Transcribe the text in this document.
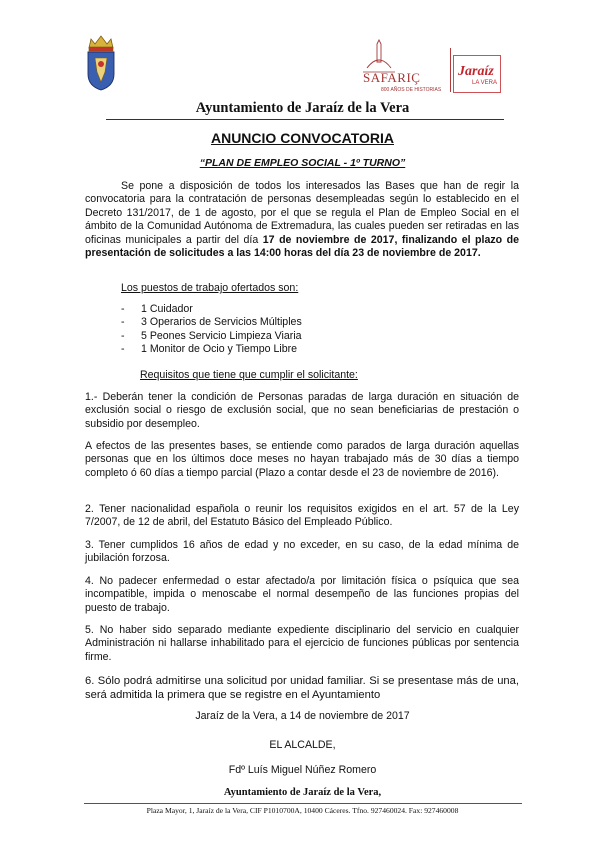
SAFARIÇ
800 AÑOS DE HISTORIAS
Jaraíz
LA VERA
Ayuntamiento de Jaraíz de la Vera
ANUNCIO CONVOCATORIA
“PLAN DE EMPLEO SOCIAL - 1º TURNO”
Se pone a disposición de todos los interesados las Bases que han de regir la convocatoria para la contratación de personas desempleadas según lo establecido en el Decreto 131/2017, de 1 de agosto, por el que se regula el Plan de Empleo Social en el ámbito de la Comunidad Autónoma de Extremadura, las cuales pueden ser retiradas en las oficinas municipales a partir del día 17 de noviembre de 2017, finalizando el plazo de presentación de solicitudes a las 14:00 horas del día 23 de noviembre de 2017.
Los puestos de trabajo ofertados son:
- 1 Cuidador
- 3 Operarios de Servicios Múltiples
- 5 Peones Servicio Limpieza Viaria
- 1 Monitor de Ocio y Tiempo Libre
Requisitos que tiene que cumplir el solicitante:
1.- Deberán tener la condición de Personas paradas de larga duración en situación de exclusión social o riesgo de exclusión social, que no sean beneficiarias de prestación o subsidio por desempleo.
A efectos de las presentes bases, se entiende como parados de larga duración aquellas personas que en los últimos doce meses no hayan trabajado más de 30 días a tiempo completo ó 60 días a tiempo parcial (Plazo a contar desde el 23 de noviembre de 2016).
2. Tener nacionalidad española o reunir los requisitos exigidos en el art. 57 de la Ley 7/2007, de 12 de abril, del Estatuto Básico del Empleado Público.
3. Tener cumplidos 16 años de edad y no exceder, en su caso, de la edad mínima de jubilación forzosa.
4. No padecer enfermedad o estar afectado/a por limitación física o psíquica que sea incompatible, impida o menoscabe el normal desempeño de las funciones propias del puesto de trabajo.
5. No haber sido separado mediante expediente disciplinario del servicio en cualquier Administración ni hallarse inhabilitado para el ejercicio de funciones públicas por sentencia firme.
6. Sólo podrá admitirse una solicitud por unidad familiar. Si se presentase más de una, será admitida la primera que se registre en el Ayuntamiento
Jaraíz de la Vera, a 14 de noviembre de 2017
EL ALCALDE,
Fdº Luís Miguel Núñez Romero
Ayuntamiento de Jaraíz de la Vera,
Plaza Mayor, 1, Jaraíz de la Vera, CIF P1010700A, 10400 Cáceres. Tfno. 927460024. Fax: 927460008
